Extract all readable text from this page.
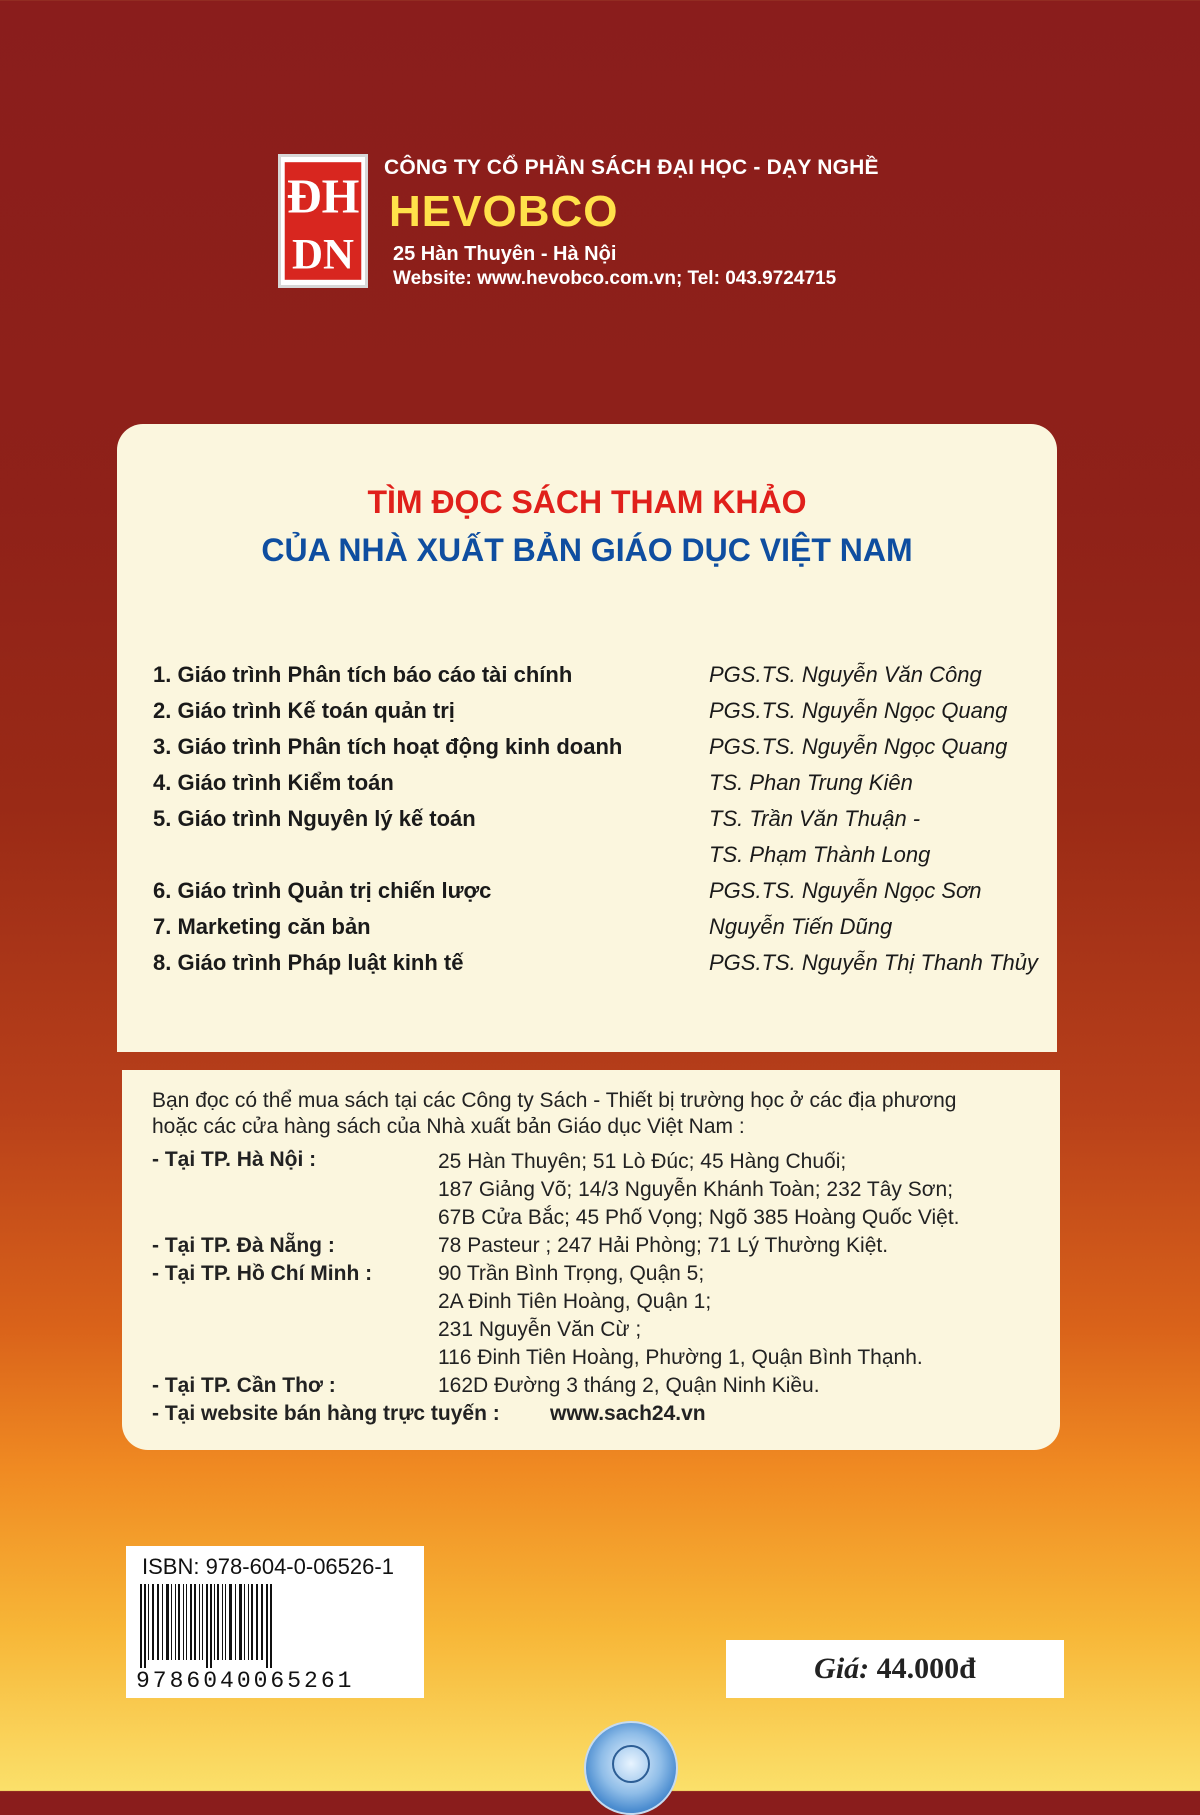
ĐH
DN
CÔNG TY CỔ PHẦN SÁCH ĐẠI HỌC - DẠY NGHỀ
HEVOBCO
25 Hàn Thuyên - Hà Nội
Website: www.hevobco.com.vn; Tel: 043.9724715
TÌM ĐỌC SÁCH THAM KHẢO
CỦA NHÀ XUẤT BẢN GIÁO DỤC VIỆT NAM
1. Giáo trình Phân tích báo cáo tài chính	PGS.TS. Nguyễn Văn Công
2. Giáo trình Kế toán quản trị	PGS.TS. Nguyễn Ngọc Quang
3. Giáo trình Phân tích hoạt động kinh doanh	PGS.TS. Nguyễn Ngọc Quang
4. Giáo trình Kiểm toán	TS. Phan Trung Kiên
5. Giáo trình Nguyên lý kế toán	TS. Trần Văn Thuận -
TS. Phạm Thành Long
6. Giáo trình Quản trị chiến lược	PGS.TS. Nguyễn Ngọc Sơn
7. Marketing căn bản	Nguyễn Tiến Dũng
8. Giáo trình Pháp luật kinh tế	PGS.TS. Nguyễn Thị Thanh Thủy
Bạn đọc có thể mua sách tại các Công ty Sách - Thiết bị trường học ở các địa phương
hoặc các cửa hàng sách của Nhà xuất bản Giáo dục Việt Nam :
- Tại TP. Hà Nội :	25 Hàn Thuyên; 51 Lò Đúc; 45 Hàng Chuối;
187 Giảng Võ; 14/3 Nguyễn Khánh Toàn; 232 Tây Sơn;
67B Cửa Bắc; 45 Phố Vọng; Ngõ 385 Hoàng Quốc Việt.
- Tại TP. Đà Nẵng :	78 Pasteur ; 247 Hải Phòng; 71 Lý Thường Kiệt.
- Tại TP. Hồ Chí Minh :	90 Trần Bình Trọng, Quận 5;
2A Đinh Tiên Hoàng, Quận 1;
231 Nguyễn Văn Cừ ;
116 Đinh Tiên Hoàng, Phường 1, Quận Bình Thạnh.
- Tại TP. Cần Thơ :	162D Đường 3 tháng 2, Quận Ninh Kiều.
- Tại website bán hàng trực tuyến : www.sach24.vn
ISBN: 978-604-0-06526-1
9786040065261	Giá: 44.000đ
